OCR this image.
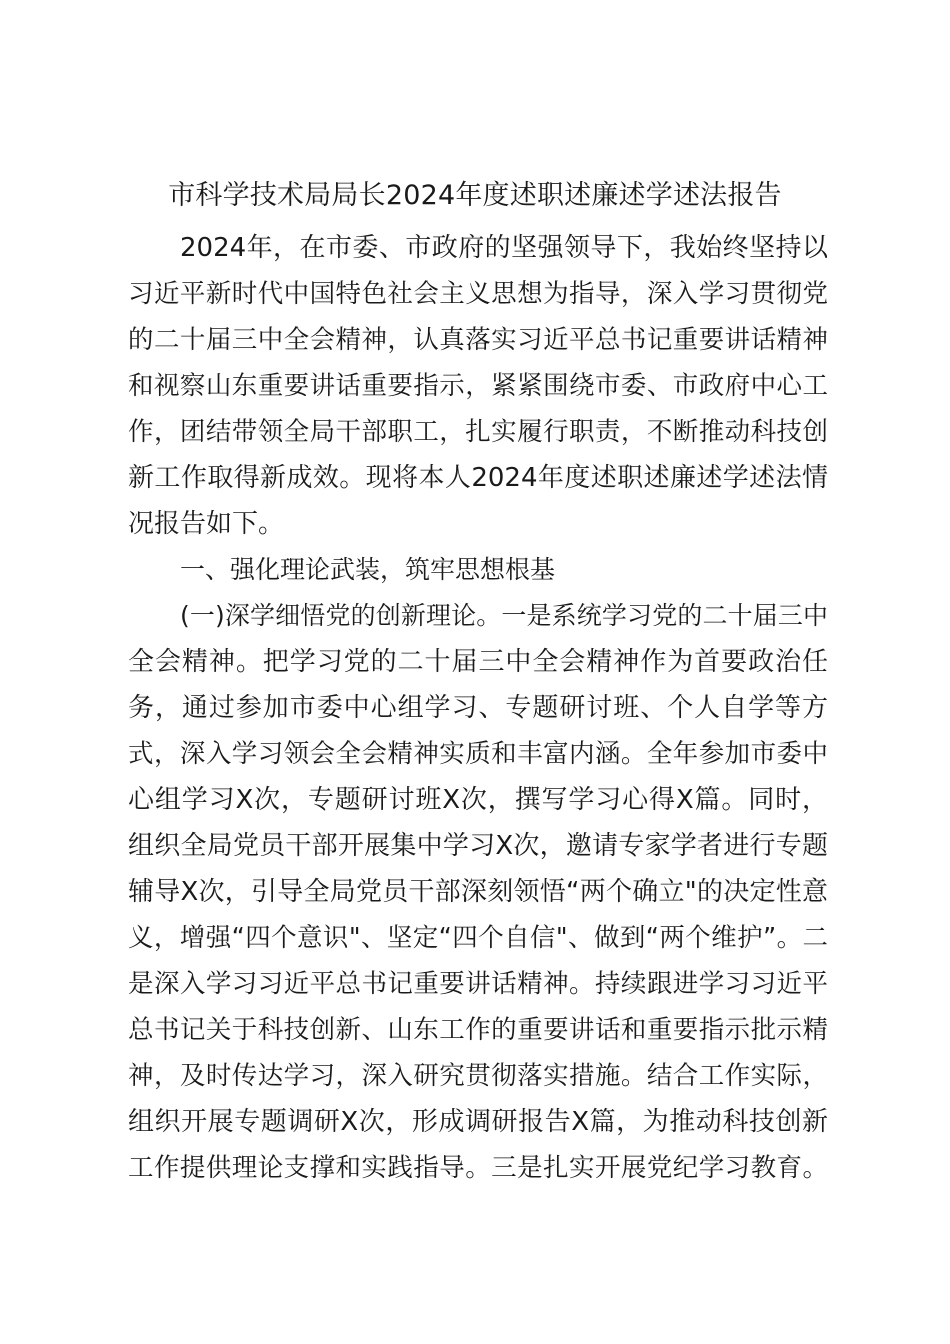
市科学技术局局长2024年度述职述廉述学述法报告
2024年，在市委、市政府的坚强领导下，我始终坚持以
习近平新时代中国特色社会主义思想为指导，深入学习贯彻党
的二十届三中全会精神，认真落实习近平总书记重要讲话精神
和视察山东重要讲话重要指示，紧紧围绕市委、市政府中心工
作，团结带领全局干部职工，扎实履行职责，不断推动科技创
新工作取得新成效。现将本人2024年度述职述廉述学述法情
况报告如下。
一、强化理论武装，筑牢思想根基
(一)深学细悟党的创新理论。一是系统学习党的二十届三中
全会精神。把学习党的二十届三中全会精神作为首要政治任
务，通过参加市委中心组学习、专题研讨班、个人自学等方
式，深入学习领会全会精神实质和丰富内涵。全年参加市委中
心组学习X次，专题研讨班X次，撰写学习心得X篇。同时，
组织全局党员干部开展集中学习X次，邀请专家学者进行专题
辅导X次，引导全局党员干部深刻领悟“两个确立"的决定性意
义，增强“四个意识"、坚定“四个自信"、做到“两个维护”。二
是深入学习习近平总书记重要讲话精神。持续跟进学习习近平
总书记关于科技创新、山东工作的重要讲话和重要指示批示精
神，及时传达学习，深入研究贯彻落实措施。结合工作实际，
组织开展专题调研X次，形成调研报告X篇，为推动科技创新
工作提供理论支撑和实践指导。三是扎实开展党纪学习教育。
